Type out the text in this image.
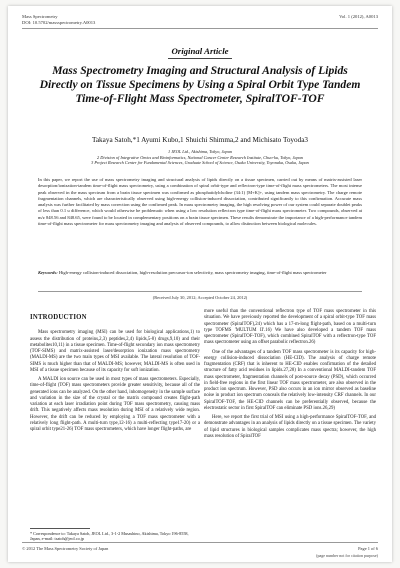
Mass Spectrometry
DOI: 10.5702/massspectrometry.A0013
Vol. 1 (2012), A0013
Original Article
Mass Spectrometry Imaging and Structural Analysis of Lipids Directly on Tissue Specimens by Using a Spiral Orbit Type Tandem Time-of-Flight Mass Spectrometer, SpiralTOF-TOF
Takaya Satoh,*1 Ayumi Kubo,1 Shuichi Shimma,2 and Michisato Toyoda3
1 JEOL Ltd., Akishima, Tokyo, Japan
2 Division of Integrative Omics and Bioinformatics, National Cancer Center Research Institute, Chuo-ku, Tokyo, Japan
3 Project Research Center for Fundamental Sciences, Graduate School of Science, Osaka University, Toyonaka, Osaka, Japan
In this paper, we report the use of mass spectrometry imaging and structural analysis of lipids directly on a tissue specimen, carried out by means of matrix-assisted laser desorption/ionization-tandem time-of-flight mass spectrometry, using a combination of spiral orbit-type and reflectron-type time-of-flight mass spectrometers. The most intense peak observed in the mass spectrum from a brain tissue specimen was confirmed as phosphatidylcholine (34:1) [M+K]+, using tandem mass spectrometry. The charge remote fragmentation channels, which are characteristically observed using high-energy collision-induced dissociation, contributed significantly to this confirmation. Accurate mass analysis was further facilitated by mass correction using the confirmed peak. In mass spectrometry imaging, the high resolving power of our system could separate doublet peaks of less than 0.1 u difference, which would otherwise be problematic when using a low resolution reflectron type time-of-flight mass spectrometer. Two compounds, observed at m/z 848.56 and 848.65, were found to be located in complementary positions on a brain tissue specimen. These results demonstrate the importance of a high-performance tandem time-of-flight mass spectrometer for mass spectrometry imaging and analysis of observed compounds, to allow distinction between biological molecules.
Keywords: High-energy collision-induced dissociation, high-resolution precursor-ion selectivity, mass spectrometry imaging, time-of-flight mass spectrometer
(Received July 30, 2012; Accepted October 24, 2012)
INTRODUCTION

Mass spectrometry imaging (MSI) can be used for biological applications,1) to assess the distribution of proteins,2,3) peptides,2,4) lipids,5-8) drugs,9,10) and their metabolites10,11) in a tissue specimen. Time-of-flight secondary ion mass spectrometry (TOF-SIMS) and matrix-assisted laser/desorption ionization mass spectrometry (MALDI-MS) are the two main types of MSI available. The lateral resolution of TOF-SIMS is much higher than that of MALDI-MS; however, MALDI-MS is often used in MSI of a tissue specimen because of its capacity for soft ionization.

A MALDI ion source can be used in most types of mass spectrometers. Especially, time-of-flight (TOF) mass spectrometers provide greater sensitivity, because all of the generated ions can be analyzed. On the other hand, inhomogeneity in the sample surface and variation in the size of the crystal or the matrix compound creates flight-path variation at each laser irradiation point during TOF mass spectrometry, causing mass drift. This negatively affects mass resolution during MSI of a relatively wide region. However, the drift can be reduced by employing a TOF mass spectrometer with a relatively long flight-path. A multi-turn type,12-16) a multi-reflecting type17-20) or a spiral orbit type21-26) TOF mass spectrometers, which have longer flight-paths, are

more useful than the conventional reflectron type of TOF mass spectrometer in this situation. We have previously reported the development of a spiral orbit-type TOF mass spectrometer (SpiralTOF),24) which has a 17-m-long flight-path, based on a multi-turn type TOFMS 'MULTUM II'.16) We have also developed a tandem TOF mass spectrometer (SpiralTOF-TOF), which combined SpiralTOF with a reflectron-type TOF mass spectrometer using an offset parabolic reflectron.26)

One of the advantages of a tandem TOF mass spectrometer is its capacity for high-energy collision-induced dissociation (HE-CID). The analysis of charge remote fragmentation (CRF) that is inherent to HE-CID enables confirmation of the detailed structure of fatty acid residues in lipids.27,28) In a conventional MALDI-tandem TOF mass spectrometer, fragmentation channels of post-source decay (PSD), which occurred in field-free regions in the first linear TOF mass spectrometer, are also observed in the product ion spectrum. However, PSD also occurs in an ion mirror observed as baseline noise in product ion spectrum conceals the relatively low-intensity CRF channels. In our SpiralTOF-TOF, the HE-CID channels can be preferentially observed, because the electrostatic sector in first SpiralTOF can eliminate PSD ions.26,29)

Here, we report the first trial of MSI using a high-performance SpiralTOF-TOF, and demonstrate advantages in an analysis of lipids directly on a tissue specimen. The variety of lipid structures in biological samples complicates mass spectra; however, the high mass resolution of SpiralTOF

* Correspondence to: Takaya Satoh, JEOL Ltd., 3-1-2 Musashino, Akishima, Tokyo 196-8558, Japan, e-mail: tsatoh@jeol.co.jp
© 2012 The Mass Spectrometry Society of Japan	Page 1 of 6
(page number not for citation purpose)
